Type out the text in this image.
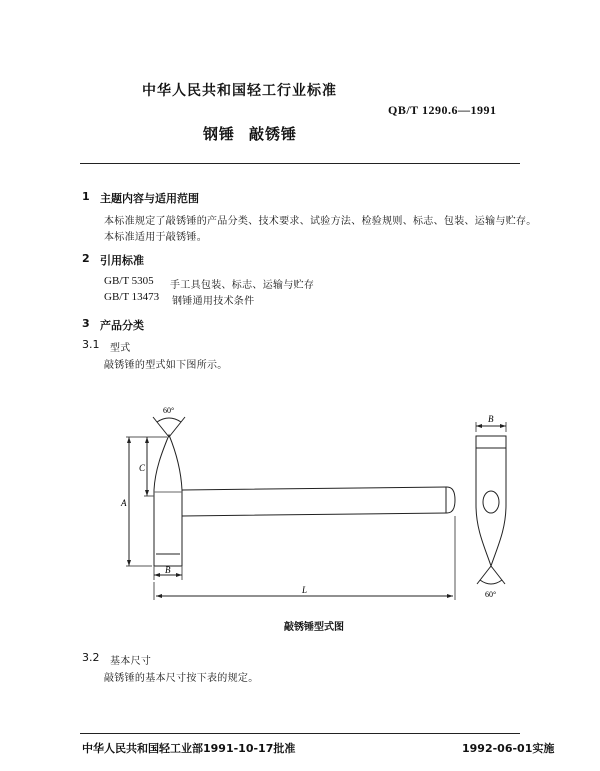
中华人民共和国轻工行业标准
QB/T 1290.6—1991
钢锤 敲锈锤
1 主题内容与适用范围
本标准规定了敲锈锤的产品分类、技术要求、试验方法、检验规则、标志、包装、运输与贮存。
本标准适用于敲锈锤。
2 引用标准
GB/T 5305 手工具包装、标志、运输与贮存
GB/T 13473 钢锤通用技术条件
3 产品分类
3.1 型式
敲锈锤的型式如下图所示。
60°
A
C
B
L
B
60°
敲锈锤型式图
3.2 基本尺寸
敲锈锤的基本尺寸按下表的规定。
中华人民共和国轻工业部1991-10-17批准	1992-06-01实施
